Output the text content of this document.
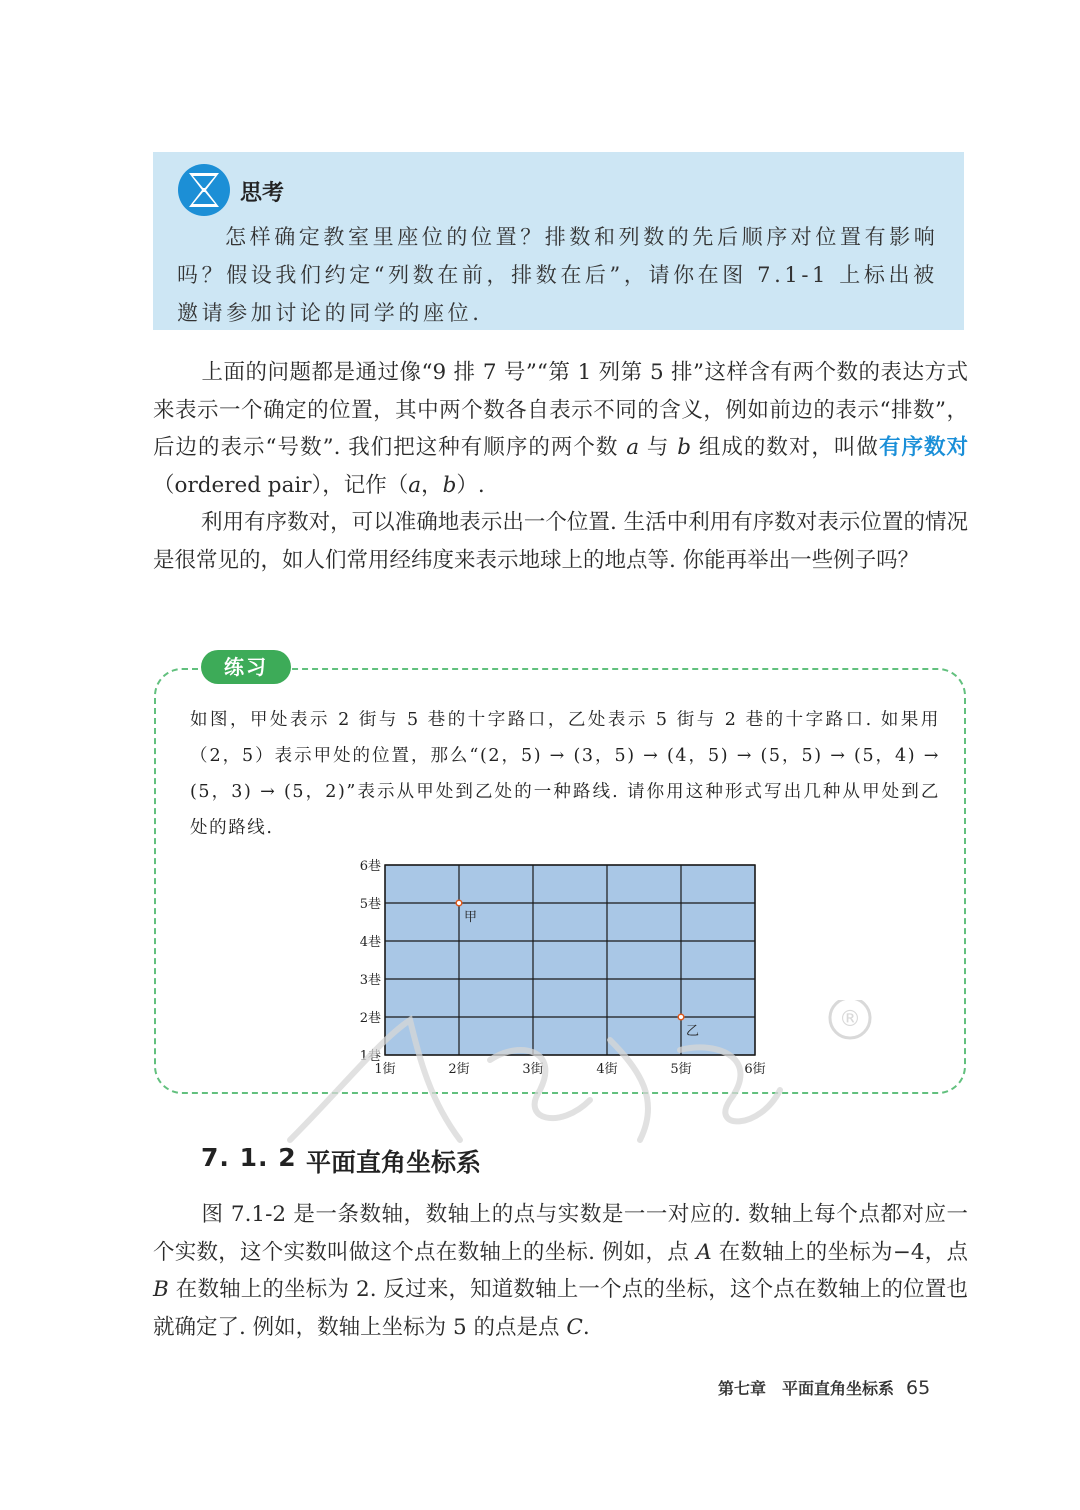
思考
怎样确定教室里座位的位置？排数和列数的先后顺序对位置有影响吗？假设我们约定“列数在前，排数在后”，请你在图 7.1-1 上标出被邀请参加讨论的同学的座位.
上面的问题都是通过像“9 排 7 号”“第 1 列第 5 排”这样含有两个数的表达方式来表示一个确定的位置，其中两个数各自表示不同的含义，例如前边的表示“排数”，后边的表示“号数”. 我们把这种有顺序的两个数 a 与 b 组成的数对，叫做有序数对（ordered pair），记作（a，b）.
利用有序数对，可以准确地表示出一个位置. 生活中利用有序数对表示位置的情况是很常见的，如人们常用经纬度来表示地球上的地点等. 你能再举出一些例子吗？
练习
如图，甲处表示 2 街与 5 巷的十字路口，乙处表示 5 街与 2 巷的十字路口. 如果用（2，5）表示甲处的位置，那么“(2，5) → (3，5) → (4，5) → (5，5) → (5，4) → (5，3) → (5，2)”表示从甲处到乙处的一种路线. 请你用这种形式写出几种从甲处到乙处的路线.
1街	2街	3街	4街	5街	6街
1巷
2巷
3巷
4巷
5巷
6巷
甲
乙	®
7. 1. 2 平面直角坐标系
图 7.1-2 是一条数轴，数轴上的点与实数是一一对应的. 数轴上每个点都对应一个实数，这个实数叫做这个点在数轴上的坐标. 例如，点 A 在数轴上的坐标为−4，点 B 在数轴上的坐标为 2. 反过来，知道数轴上一个点的坐标，这个点在数轴上的位置也就确定了. 例如，数轴上坐标为 5 的点是点 C.
第七章　平面直角坐标系 65
